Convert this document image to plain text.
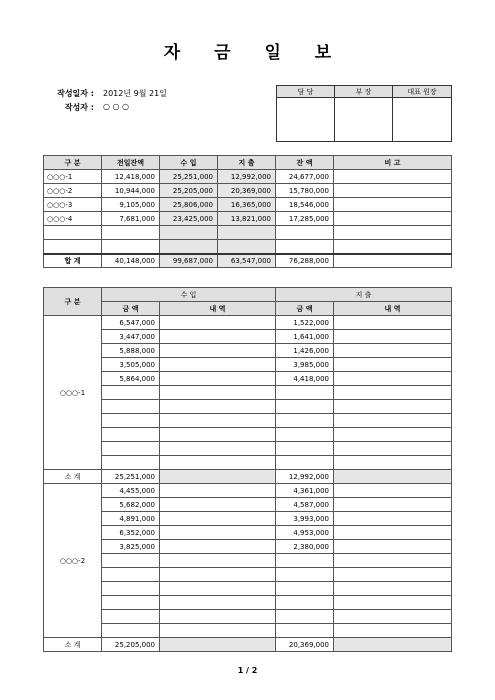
자 금 일 보
작성일자 : 2012년 9월 21일
작성자 : ○ ○ ○
담 당	부 장	대표 원장

구 분	전일잔액	수 입	지 출	잔 액	비 고
○○○-1	12,418,000	25,251,000	12,992,000	24,677,000	
○○○-2	10,944,000	25,205,000	20,369,000	15,780,000	
○○○-3	9,105,000	25,806,000	16,365,000	18,546,000	
○○○-4	7,681,000	23,425,000	13,821,000	17,285,000	

합 계	40,148,000	99,687,000	63,547,000	76,288,000	
구 분	수 입		지 출	
	금 액	내 역	금 액	내 역
○○○-1	6,547,000		1,522,000	
	3,447,000		1,641,000	
	5,888,000		1,426,000	
	3,505,000		3,985,000	
	5,864,000		4,418,000	

소 계	25,251,000		12,992,000	
○○○-2	4,455,000		4,361,000	
	5,682,000		4,587,000	
	4,891,000		3,993,000	
	6,352,000		4,953,000	
	3,825,000		2,380,000	

소 계	25,205,000		20,369,000	
1 / 2
